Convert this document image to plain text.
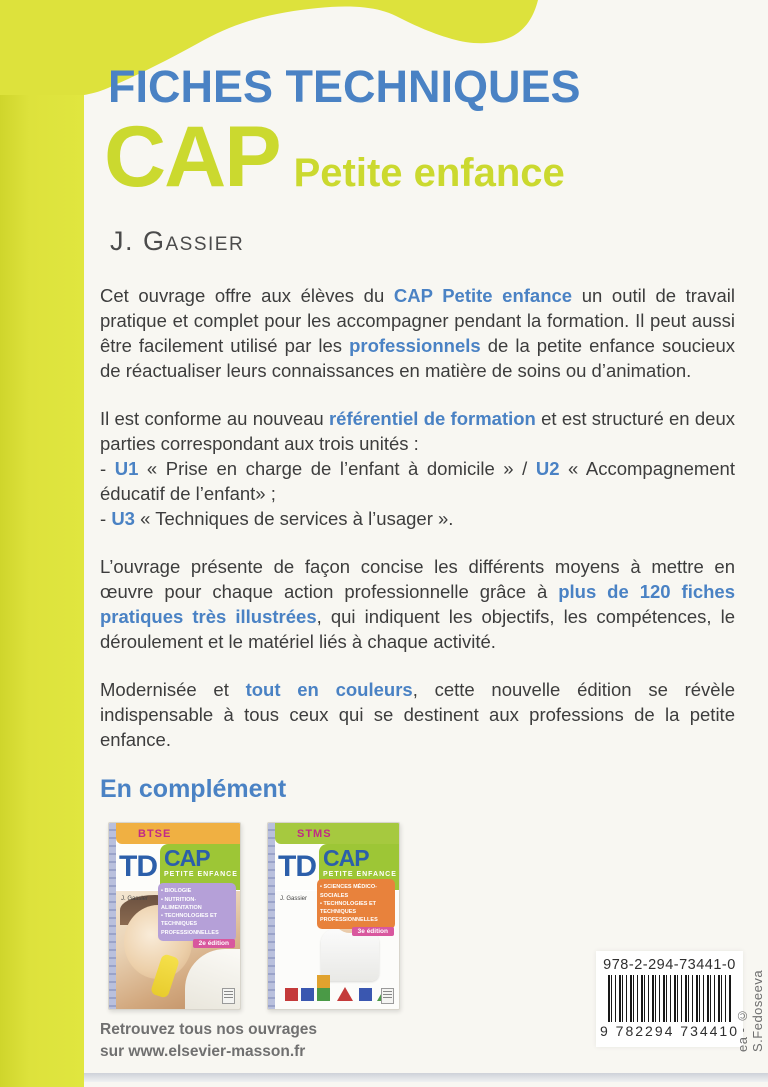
FICHES TECHNIQUES
CAP Petite enfance
J. Gassier

Cet ouvrage offre aux élèves du CAP Petite enfance un outil de travail pratique et complet pour les accompagner pendant la formation. Il peut aussi être facilement utilisé par les professionnels de la petite enfance soucieux de réactualiser leurs connaissances en matière de soins ou d’animation.

Il est conforme au nouveau référentiel de formation et est structuré en deux parties correspondant aux trois unités :
- U1 « Prise en charge de l’enfant à domicile » / U2 « Accompagnement éducatif de l’enfant» ;
- U3 « Techniques de services à l’usager ».

L’ouvrage présente de façon concise les différents moyens à mettre en œuvre pour chaque action professionnelle grâce à plus de 120 fiches pratiques très illustrées, qui indiquent les objectifs, les compétences, le déroulement et le matériel liés à chaque activité.

Modernisée et tout en couleurs, cette nouvelle édition se révèle indispensable à tous ceux qui se destinent aux professions de la petite enfance.

En complément
BTSE
TD CAP
PETITE ENFANCE
J. Gassier
• BIOLOGIE
• NUTRITION-ALIMENTATION
• TECHNOLOGIES ET TECHNIQUES PROFESSIONNELLES
2e édition
STMS
TD CAP
PETITE ENFANCE
J. Gassier
• SCIENCES MÉDICO-SOCIALES
• TECHNOLOGIES ET TECHNIQUES PROFESSIONNELLES
3e édition
Retrouvez tous nos ouvrages
sur www.elsevier-masson.fr
978-2-294-73441-0
9 782294 734410
ea - © S.Fedoseeva
